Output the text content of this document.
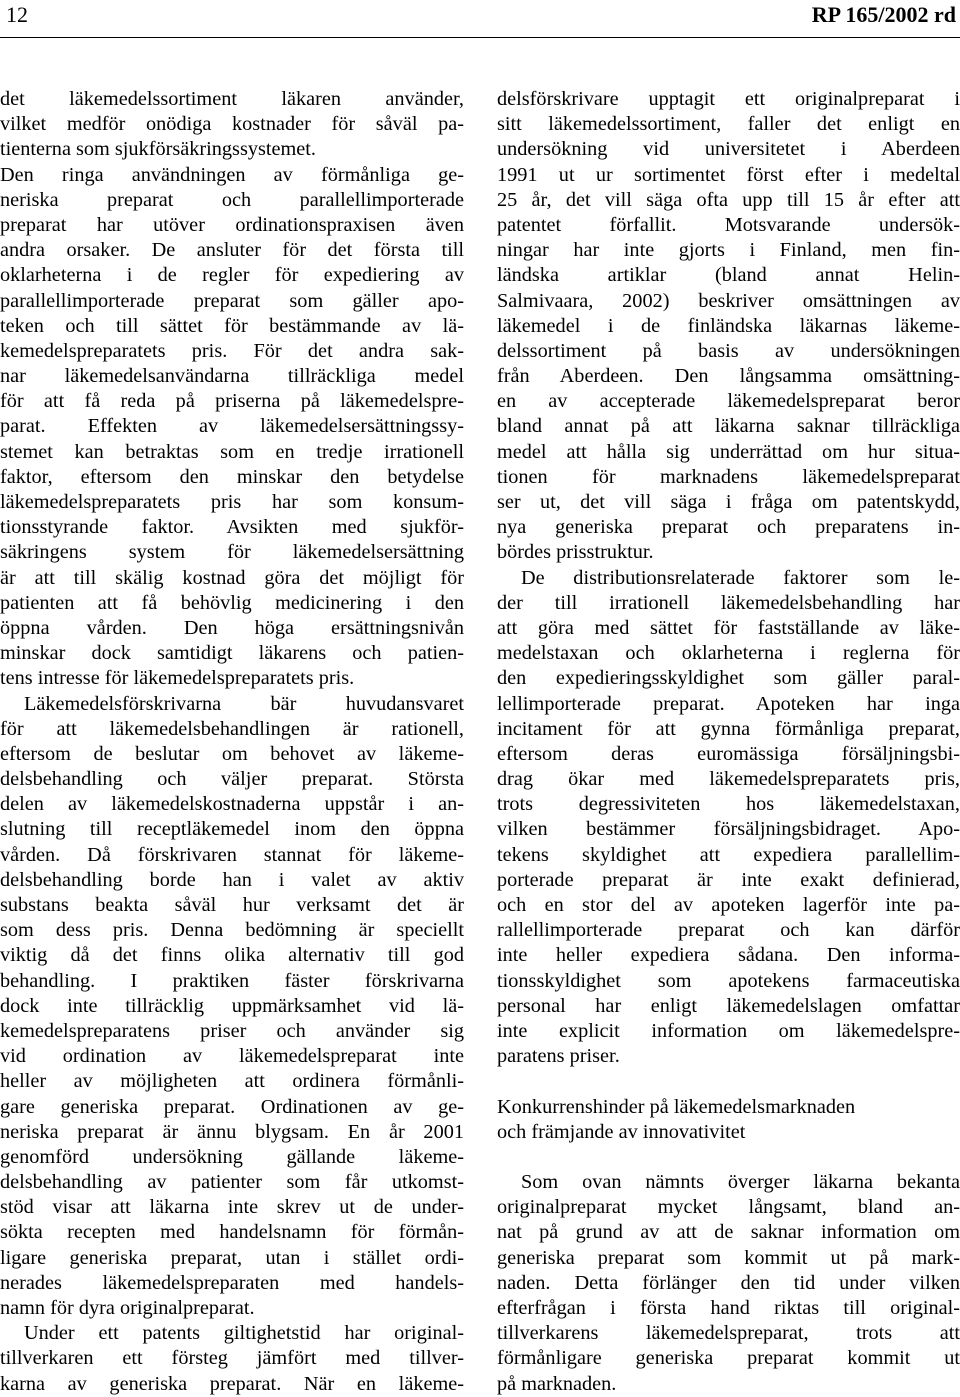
12	RP 165/2002 rd
det läkemedelssortiment läkaren använder,
vilket medför onödiga kostnader för såväl pa-
tienterna som sjukförsäkringssystemet.
Den ringa användningen av förmånliga ge-
neriska preparat och parallellimporterade
preparat har utöver ordinationspraxisen även
andra orsaker. De ansluter för det första till
oklarheterna i de regler för expediering av
parallellimporterade preparat som gäller apo-
teken och till sättet för bestämmande av lä-
kemedelspreparatets pris. För det andra sak-
nar läkemedelsanvändarna tillräckliga medel
för att få reda på priserna på läkemedelspre-
parat. Effekten av läkemedelsersättningssy-
stemet kan betraktas som en tredje irrationell
faktor, eftersom den minskar den betydelse
läkemedelspreparatets pris har som konsum-
tionsstyrande faktor. Avsikten med sjukför-
säkringens system för läkemedelsersättning
är att till skälig kostnad göra det möjligt för
patienten att få behövlig medicinering i den
öppna vården. Den höga ersättningsnivån
minskar dock samtidigt läkarens och patien-
tens intresse för läkemedelspreparatets pris.
Läkemedelsförskrivarna bär huvudansvaret
för att läkemedelsbehandlingen är rationell,
eftersom de beslutar om behovet av läkeme-
delsbehandling och väljer preparat. Största
delen av läkemedelskostnaderna uppstår i an-
slutning till receptläkemedel inom den öppna
vården. Då förskrivaren stannat för läkeme-
delsbehandling borde han i valet av aktiv
substans beakta såväl hur verksamt det är
som dess pris. Denna bedömning är speciellt
viktig då det finns olika alternativ till god
behandling. I praktiken fäster förskrivarna
dock inte tillräcklig uppmärksamhet vid lä-
kemedelspreparatens priser och använder sig
vid ordination av läkemedelspreparat inte
heller av möjligheten att ordinera förmånli-
gare generiska preparat. Ordinationen av ge-
neriska preparat är ännu blygsam. En år 2001
genomförd undersökning gällande läkeme-
delsbehandling av patienter som får utkomst-
stöd visar att läkarna inte skrev ut de under-
sökta recepten med handelsnamn för förmån-
ligare generiska preparat, utan i stället ordi-
nerades läkemedelspreparaten med handels-
namn för dyra originalpreparat.
Under ett patents giltighetstid har original-
tillverkaren ett försteg jämfört med tillver-
karna av generiska preparat. När en läkeme-
delsförskrivare upptagit ett originalpreparat i
sitt läkemedelssortiment, faller det enligt en
undersökning vid universitetet i Aberdeen
1991 ut ur sortimentet först efter i medeltal
25 år, det vill säga ofta upp till 15 år efter att
patentet förfallit. Motsvarande undersök-
ningar har inte gjorts i Finland, men fin-
ländska artiklar (bland annat Helin-
Salmivaara, 2002) beskriver omsättningen av
läkemedel i de finländska läkarnas läkeme-
delssortiment på basis av undersökningen
från Aberdeen. Den långsamma omsättning-
en av accepterade läkemedelspreparat beror
bland annat på att läkarna saknar tillräckliga
medel att hålla sig underrättad om hur situa-
tionen för marknadens läkemedelspreparat
ser ut, det vill säga i fråga om patentskydd,
nya generiska preparat och preparatens in-
bördes prisstruktur.
De distributionsrelaterade faktorer som le-
der till irrationell läkemedelsbehandling har
att göra med sättet för fastställande av läke-
medelstaxan och oklarheterna i reglerna för
den expedieringsskyldighet som gäller paral-
lellimporterade preparat. Apoteken har inga
incitament för att gynna förmånliga preparat,
eftersom deras euromässiga försäljningsbi-
drag ökar med läkemedelspreparatets pris,
trots degressiviteten hos läkemedelstaxan,
vilken bestämmer försäljningsbidraget. Apo-
tekens skyldighet att expediera parallellim-
porterade preparat är inte exakt definierad,
och en stor del av apoteken lagerför inte pa-
rallellimporterade preparat och kan därför
inte heller expediera sådana. Den informa-
tionsskyldighet som apotekens farmaceutiska
personal har enligt läkemedelslagen omfattar
inte explicit information om läkemedelspre-
paratens priser.
Konkurrenshinder på läkemedelsmarknaden
och främjande av innovativitet
Som ovan nämnts överger läkarna bekanta
originalpreparat mycket långsamt, bland an-
nat på grund av att de saknar information om
generiska preparat som kommit ut på mark-
naden. Detta förlänger den tid under vilken
efterfrågan i första hand riktas till original-
tillverkarens läkemedelspreparat, trots att
förmånligare generiska preparat kommit ut
på marknaden.
